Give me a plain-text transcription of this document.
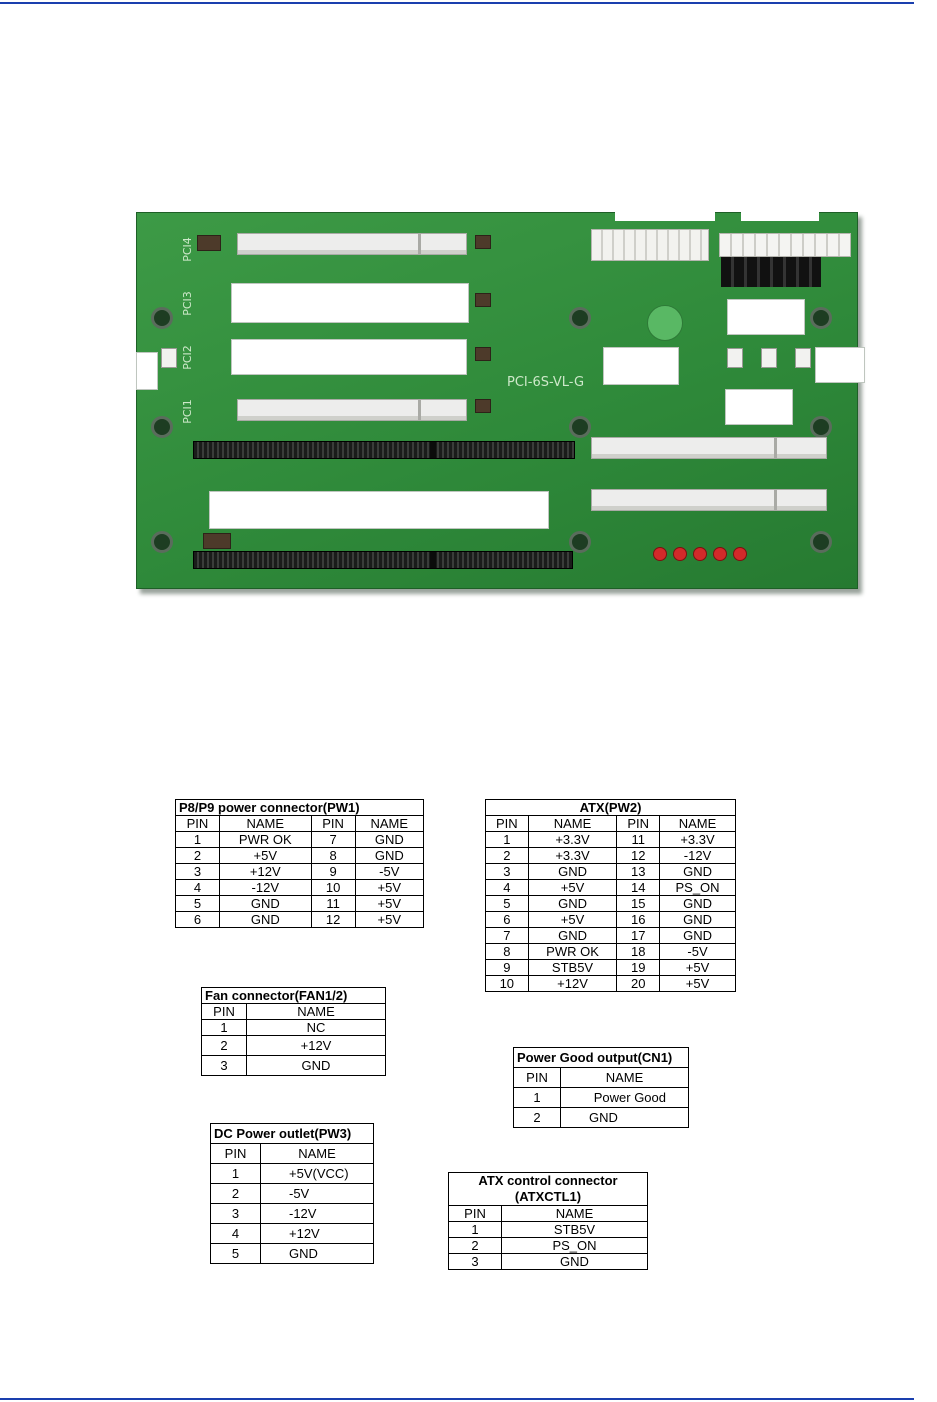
PCI4
PCI3
PCI2
PCI1
PCI-6S-VL-G
P8/P9 power connector(PW1)			
PIN	NAME	PIN	NAME
1	PWR OK	7	GND
2	+5V	8	GND
3	+12V	9	-5V
4	-12V	10	+5V
5	GND	11	+5V
6	GND	12	+5V
ATX(PW2)			
PIN	NAME	PIN	NAME
1	+3.3V	11	+3.3V
2	+3.3V	12	-12V
3	GND	13	GND
4	+5V	14	PS_ON
5	GND	15	GND
6	+5V	16	GND
7	GND	17	GND
8	PWR OK	18	-5V
9	STB5V	19	+5V
10	+12V	20	+5V
Fan connector(FAN1/2)	
PIN	NAME
1	NC
2	+12V
3	GND
Power Good output(CN1)	
PIN	NAME
1	Power Good
2	GND
DC Power outlet(PW3)	
PIN	NAME
1	+5V(VCC)
2	-5V
3	-12V
4	+12V
5	GND
ATX control connector
(ATXCTL1)	
PIN	NAME
1	STB5V
2	PS_ON
3	GND
